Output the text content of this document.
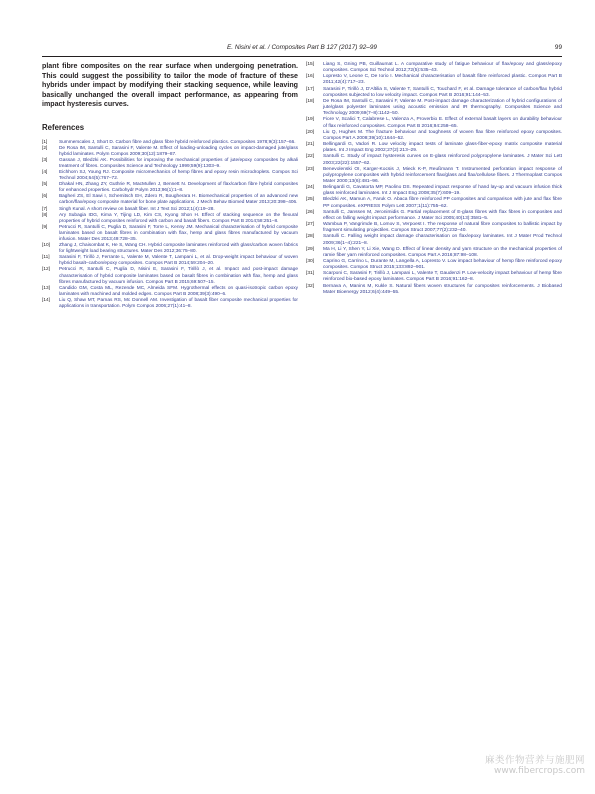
E. Nisini et al. / Composites Part B 127 (2017) 92–99	99

plant fibre composites on the rear surface when undergoing penetration. This could suggest the possibility to tailor the mode of fracture of these hybrids under impact by modifying their stacking sequence, while leaving basically unchanged the overall impact performance, as appearing from impact hysteresis curves.

References

[1] Summerscales J, Short D. Carbon fibre and glass fibre hybrid reinforced plastics. Composites 1978;9(3):157–66.

[2] De Rosa IM, Santulli C, Sarasini F, Valente M. Effect of loading-unloading cycles on impact-damaged jute/glass hybrid laminates. Polym Compos 2009;30(12):1879–87.

[3] Gassan J, Bledzki AK. Possibilities for improving the mechanical properties of jute/epoxy composites by alkali treatment of fibres. Composites Science and Technology 1999;59(9):1303–9.

[4] Eichhorn SJ, Young RJ. Composite micromechanics of hemp fibres and epoxy resin microdroplets. Compos Sci Technol 2004;64(5):767–72.

[5] Dhakal HN, Zhang ZY, Guthrie R, MacMullen J, Bennett N. Development of flax/carbon fibre hybrid composites for enhanced properties. Carbohydr Polym 2013;96(1):1–8.

[6] Bagheri ZS, El Sawi I, Schemitsch EH, Zdero R, Bougherara H. Biomechanical properties of an advanced new carbon/flax/epoxy composite material for bone plate applications. J Mech Behav Biomed Mater 2013;20:398–406.

[7] Singh Kunal. A short review on basalt fiber. Int J Text Sci 2012;1(4):19–28.

[8] Ary Subagia IDG, Kima Y, Tijing LD, Kim CS, Kyong Shon H. Effect of stacking sequence on the flexural properties of hybrid composites reinforced with carbon and basalt fibers. Compos Part B 2014;58:251–8.

[9] Petrucci R, Santulli C, Puglia D, Sarasini F, Torre L, Kenny JM. Mechanical characterisation of hybrid composite laminates based on basalt fibres in combination with flax, hemp and glass fibres manufactured by vacuum infusion. Mater Des 2013;49:728–35.

[10] Zhang J, Chaisombat K, He S, Wang CH. Hybrid composite laminates reinforced with glass/carbon woven fabrics for lightweight load bearing structures. Mater Des 2012;36:75–80.

[11] Sarasini F, Tirillò J, Ferrante L, Valente M, Valente T, Lampani L, et al. Drop-weight impact behaviour of woven hybrid basalt–carbon/epoxy composites. Compos Part B 2014;59:204–20.

[12] Petrucci R, Santulli C, Puglia D, Nisini E, Sarasini F, Tirillò J, et al. Impact and post-impact damage characterisation of hybrid composite laminates based on basalt fibres in combination with flax, hemp and glass fibres manufactured by vacuum infusion. Compos Part B 2015;69:507–15.

[13] Candido GM, Costa ML, Rezende MC, Almeida SFM. Hygrothermal effects on quasi-isotropic carbon epoxy laminates with machined and molded edges. Compos Part B 2008;39(3):490–6.

[14] Liu Q, Shaw MT, Parnas RS, Mc Donnell AM. Investigation of basalt fiber composite mechanical properties for applications in transportation. Polym Compos 2006;27(1):41–8.

[15] Liang S, Gning PB, Guillaumat L. A comparative study of fatigue behaviour of flax/epoxy and glass/epoxy composites. Compos Sci Technol 2012;72(5):535–43.

[16] Lopresto V, Leone C, De Iorio I. Mechanical characterisation of basalt fibre reinforced plastic. Compos Part B 2011;42(4):717–23.

[17] Sarasini F, Tirillò J, D'Altilia S, Valente T, Santulli C, Touchard F, et al. Damage tolerance of carbon/flax hybrid composites subjected to low velocity impact. Compos Part B 2016;91:144–53.

[18] De Rosa IM, Santulli C, Sarasini F, Valente M. Post-impact damage characterization of hybrid configurations of jute/glass polyester laminates using acoustic emission and IR thermography. Composites Science and Technology 2009;69(7–8):1142–50.

[19] Fiore V, Scalici T, Calabrese L, Valenza A, Proverbio E. Effect of external basalt layers on durability behaviour of flax reinforced composites. Compos Part B 2016;84:258–65.

[20] Liu Q, Hughes M. The fracture behaviour and toughness of woven flax fibre reinforced epoxy composites. Compos Part A 2008;39(10):1644–52.

[21] Bellingardi G, Vadori R. Low velocity impact tests of laminate glass-fiber-epoxy matrix composite material plates. Int J Impact Eng 2002;27(2):213–29.

[22] Santulli C. Study of impact hysteresis curves on E-glass reinforced polypropylene laminates. J Mater Sci Lett 2003;22(22):1557–62.

[23] Benevolenski OI, Karger-Kocsis J, Mieck K-P, Reußmann T. Instrumented perforation impact response of polypropylene composites with hybrid reinforcement flax/glass and flax/cellulose fibers. J Thermoplast Compos Mater 2000;13(6):481–96.

[24] Belingardi G, Cavatorta MP, Paolino DS. Repeated impact response of hand lay-up and vacuum infusion thick glass reinforced laminates. Int J Impact Eng 2008;35(7):609–19.

[25] Bledzki AK, Mamun A, Faruk O. Abaca fibre reinforced PP composites and comparison with jute and flax fibre PP composites. eXPRESS Polym Lett 2007;1(11):755–62.

[26] Santulli C, Janssen M, Jeronimidis G. Partial replacement of E-glass fibres with flax fibres in composites and effect on falling weight impact performance. J Mater Sci 2005;40(13):3581–5.

[27] Wambua P, Vangrimde B, Lomov S, Verpoest I. The response of natural fibre composites to ballistic impact by fragment simulating projectiles. Compos Struct 2007;77(2):232–40.

[28] Santulli C. Falling weight impact damage characterisation on flax/epoxy laminates. Int J Mater Prod Technol 2009;36(1–4):221–8.

[29] Ma H, Li Y, Shen Y, Li Xie, Wang D. Effect of linear density and yarn structure on the mechanical properties of ramie fiber yarn reinforced composites. Compos Part A 2016;87:98–108.

[30] Caprino G, Carrino L, Durante M, Langella A, Lopresto V. Low impact behaviour of hemp fibre reinforced epoxy composites. Compos Struct 2015;133:892–901.

[31] Scarponi C, Sarasini F, Tirillò J, Lampani L, Valente T, Gaudenzi P. Low-velocity impact behaviour of hemp fibre reinforced bio-based epoxy laminates. Compos Part B 2016;91:162–8.

[32] Bernava A, Manins M, Kukle S. Natural fibers woven structures for composites reinforcements. J Biobased Mater Bioenergy 2012;6(4):449–55.

麻类作物营养与施肥网
www.fibercrops.com
